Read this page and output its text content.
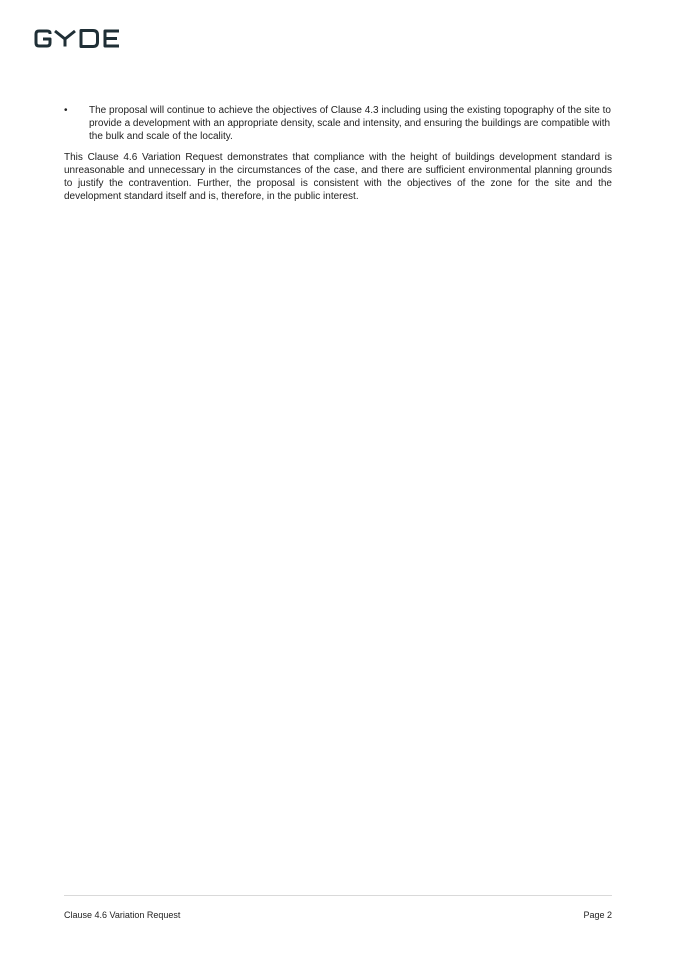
•	The proposal will continue to achieve the objectives of Clause 4.3 including using the existing topography of the site to provide a development with an appropriate density, scale and intensity, and ensuring the buildings are compatible with the bulk and scale of the locality.

This Clause 4.6 Variation Request demonstrates that compliance with the height of buildings development standard is unreasonable and unnecessary in the circumstances of the case, and there are sufficient environmental planning grounds to justify the contravention. Further, the proposal is consistent with the objectives of the zone for the site and the development standard itself and is, therefore, in the public interest.

Clause 4.6 Variation Request	Page 2
